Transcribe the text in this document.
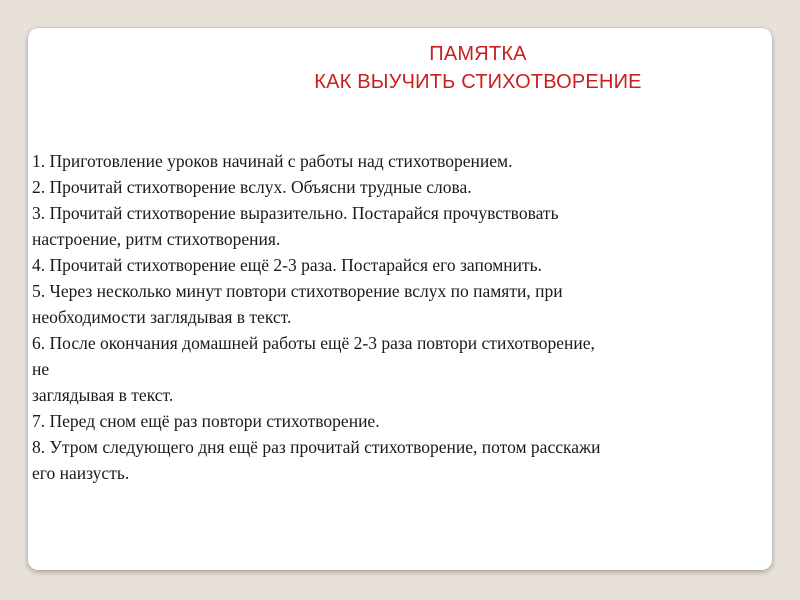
ПАМЯТКА
КАК ВЫУЧИТЬ СТИХОТВОРЕНИЕ
1. Приготовление уроков начинай с работы над стихотворением.
2. Прочитай стихотворение вслух. Объясни трудные слова.
3. Прочитай стихотворение выразительно. Постарайся прочувствовать
настроение, ритм стихотворения.
4. Прочитай стихотворение ещё 2-3 раза. Постарайся его запомнить.
5. Через несколько минут повтори стихотворение вслух по памяти, при
необходимости заглядывая в текст.
6. После окончания домашней работы ещё 2-3 раза повтори стихотворение,
не
заглядывая в текст.
7. Перед сном ещё раз повтори стихотворение.
8. Утром следующего дня ещё раз прочитай стихотворение, потом расскажи
его наизусть.
